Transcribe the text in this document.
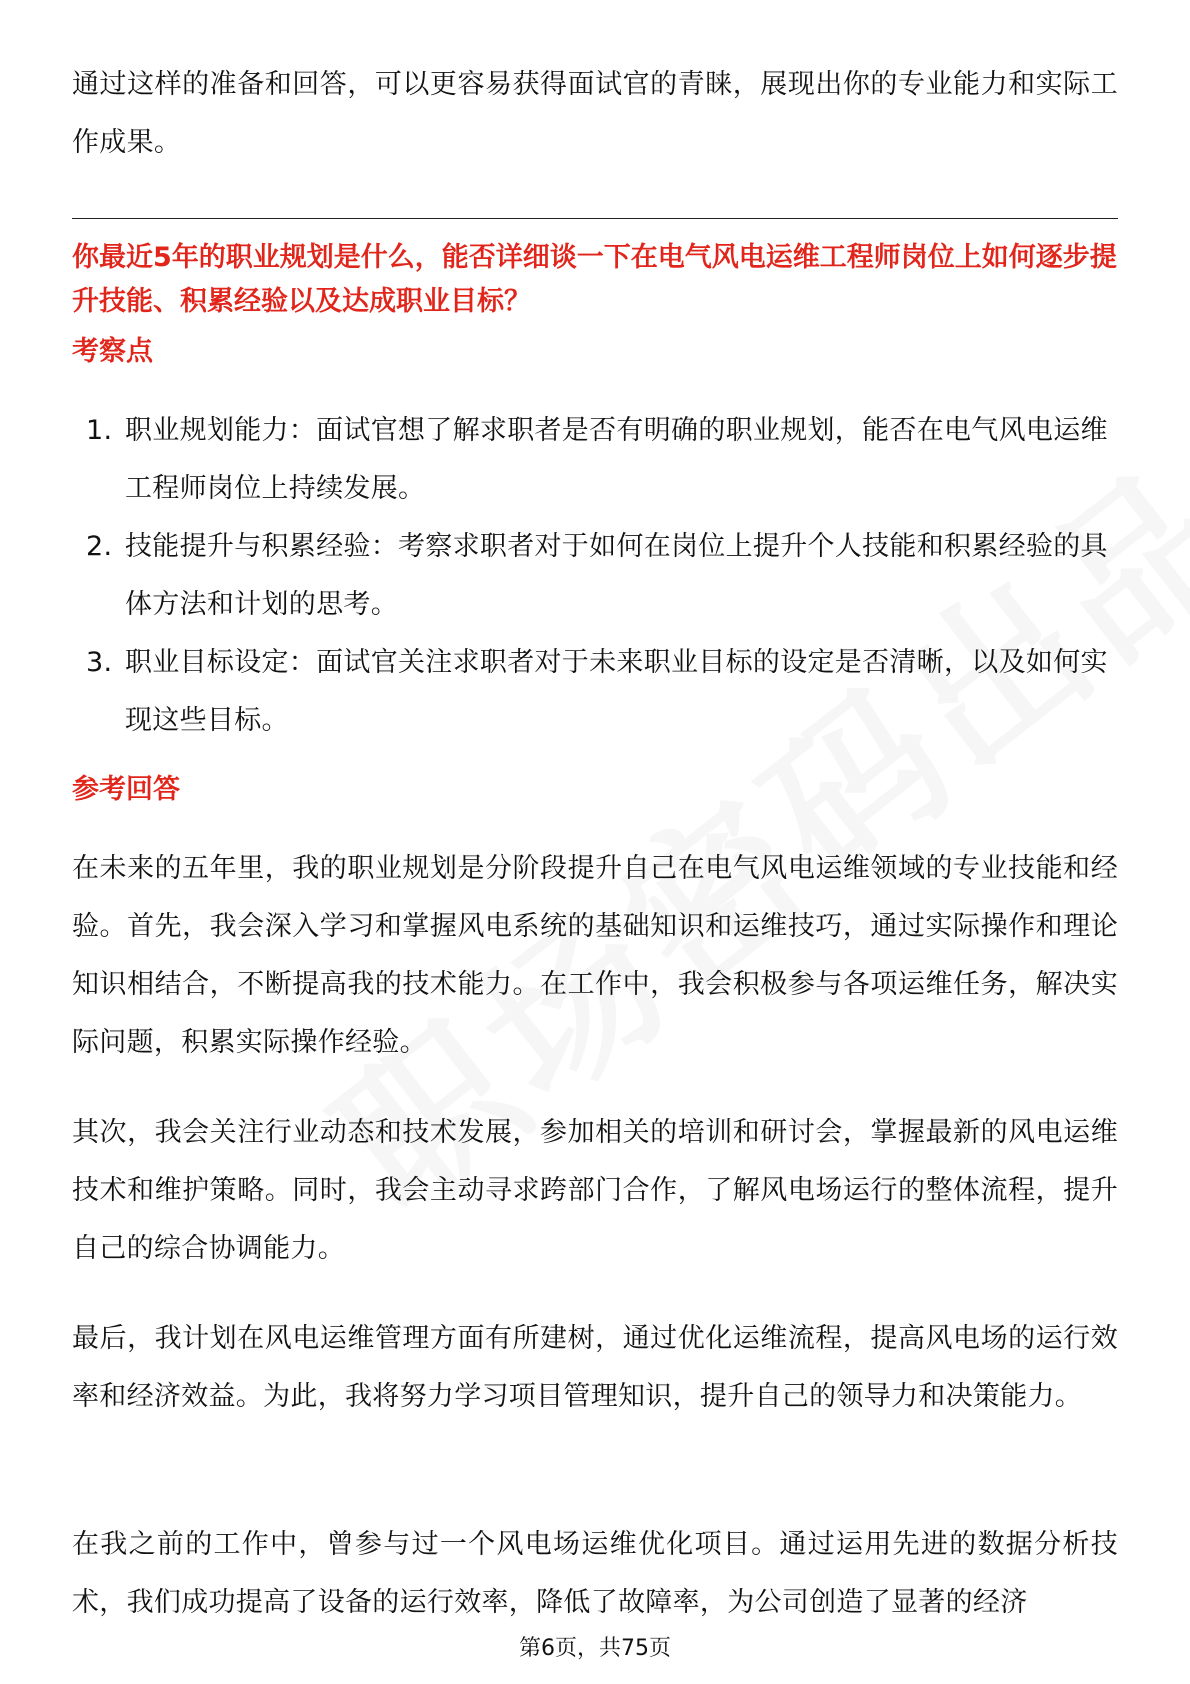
通过这样的准备和回答，可以更容易获得面试官的青睐，展现出你的专业能力和实际工作成果。

你最近5年的职业规划是什么，能否详细谈一下在电气风电运维工程师岗位上如何逐步提升技能、积累经验以及达成职业目标？

考察点

1. 职业规划能力：面试官想了解求职者是否有明确的职业规划，能否在电气风电运维工程师岗位上持续发展。
2. 技能提升与积累经验：考察求职者对于如何在岗位上提升个人技能和积累经验的具体方法和计划的思考。
3. 职业目标设定：面试官关注求职者对于未来职业目标的设定是否清晰，以及如何实现这些目标。

参考回答

在未来的五年里，我的职业规划是分阶段提升自己在电气风电运维领域的专业技能和经验。首先，我会深入学习和掌握风电系统的基础知识和运维技巧，通过实际操作和理论知识相结合，不断提高我的技术能力。在工作中，我会积极参与各项运维任务，解决实际问题，积累实际操作经验。

其次，我会关注行业动态和技术发展，参加相关的培训和研讨会，掌握最新的风电运维技术和维护策略。同时，我会主动寻求跨部门合作，了解风电场运行的整体流程，提升自己的综合协调能力。

最后，我计划在风电运维管理方面有所建树，通过优化运维流程，提高风电场的运行效率和经济效益。为此，我将努力学习项目管理知识，提升自己的领导力和决策能力。

在我之前的工作中，曾参与过一个风电场运维优化项目。通过运用先进的数据分析技术，我们成功提高了设备的运行效率，降低了故障率，为公司创造了显著的经济

第6页，共75页
